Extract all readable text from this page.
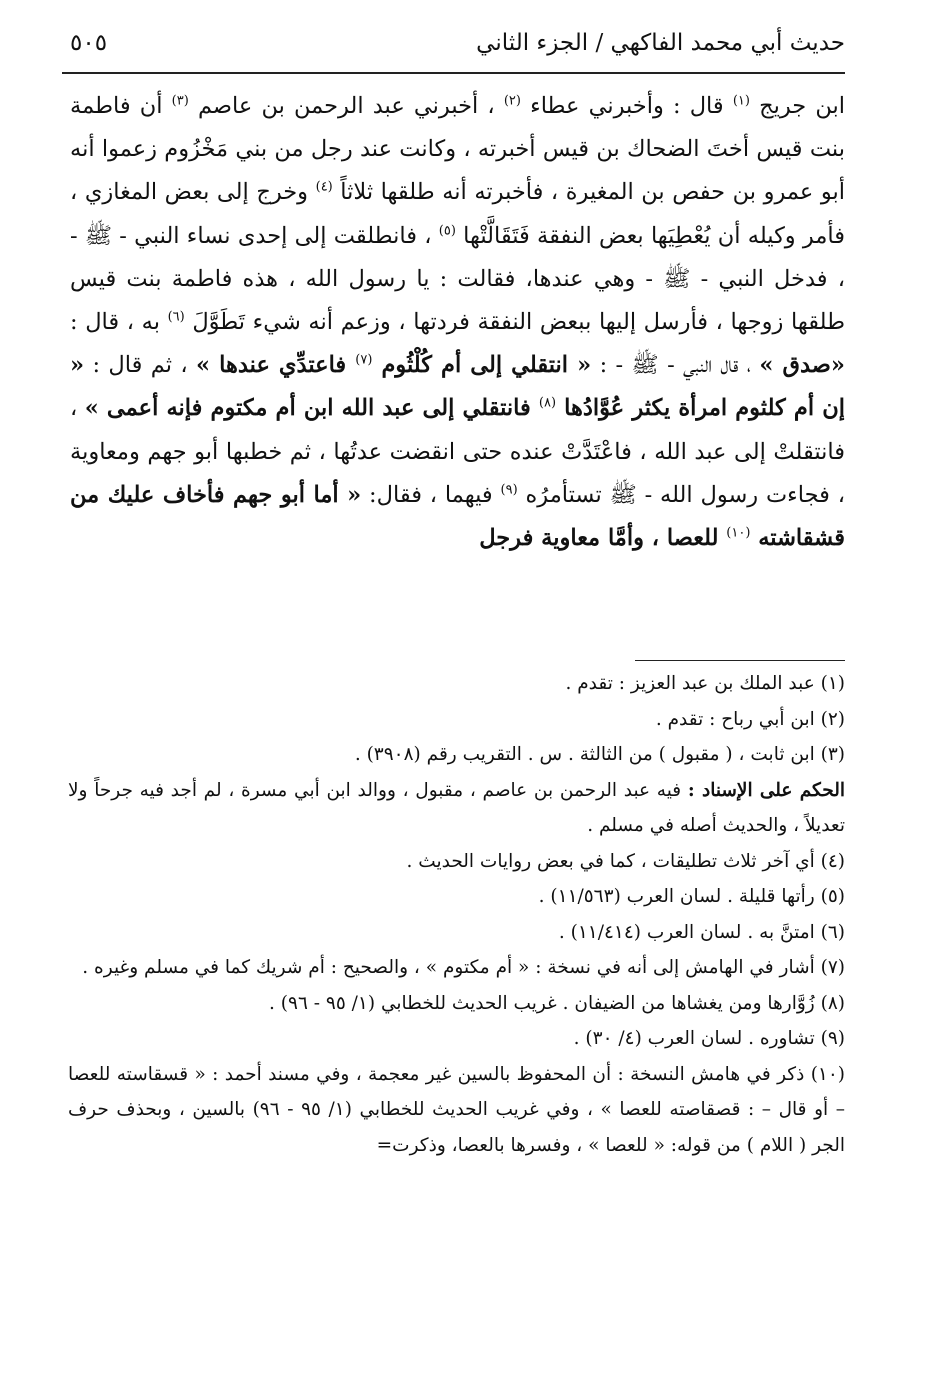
حديث أبي محمد الفاكهي / الجزء الثاني
٥٠٥

ابن جريج $^{(١)}$ قال : وأخبرني عطاء $^{(٢)}$ ، أخبرني عبد الرحمن بن عاصم $^{(٣)}$ أن فاطمة بنت قيس أختَ الضحاك بن قيس أخبرته ، وكانت عند رجل من بني مَخْزُوم زعموا أنه أبو عمرو بن حفص بن المغيرة ، فأخبرته أنه طلقها ثلاثاً $^{(٤)}$ وخرج إلى بعض المغازي ، فأمر وكيله أن يُعْطِيَها بعض النفقة فَتَقَالَّتْها $^{(٥)}$ ، فانطلقت إلى إحدى نساء النبي - ﷺ - ، فدخل النبي - ﷺ - وهي عندها، فقالت : يا رسول الله ، هذه فاطمة بنت قيس طلقها زوجها ، فأرسل إليها ببعض النفقة فردتها ، وزعم أنه شيء تَطَوَّلَ $^{(٦)}$ به ، قال : «صدق » ، قال النبي - ﷺ - : « انتقلي إلى أم كُلْثُوم $^{(٧)}$ فاعتدِّي عندها » ، ثم قال : « إن أم كلثوم امرأة يكثر عُوَّادُها $^{(٨)}$ فانتقلي إلى عبد الله ابن أم مكتوم فإنه أعمى » ، فانتقلتْ إلى عبد الله ، فاعْتَدَّتْ عنده حتى انقضت عدتُها ، ثم خطبها أبو جهم ومعاوية ، فجاءت رسول الله - ﷺ تستأمرُه $^{(٩)}$ فيهما ، فقال: « أما أبو جهم فأخاف عليك من قشقاشته $^{(١٠)}$ للعصا ، وأمَّا معاوية فرجل

(١) عبد الملك بن عبد العزيز : تقدم .

(٢) ابن أبي رباح : تقدم .

(٣) ابن ثابت ، ( مقبول ) من الثالثة . س . التقريب رقم (٣٩٠٨) .

الحكم على الإسناد : فيه عبد الرحمن بن عاصم ، مقبول ، ووالد ابن أبي مسرة ، لم أجد فيه جرحاً ولا تعديلاً ، والحديث أصله في مسلم .

(٤) أي آخر ثلاث تطليقات ، كما في بعض روايات الحديث .

(٥) رأتها قليلة . لسان العرب (١١/٥٦٣) .

(٦) امتنَّ به . لسان العرب (١١/٤١٤) .

(٧) أشار في الهامش إلى أنه في نسخة : « أم مكتوم » ، والصحيح : أم شريك كما في مسلم وغيره .

(٨) زُوَّارها ومن يغشاها من الضيفان . غريب الحديث للخطابي (١/ ٩٥ - ٩٦) .

(٩) تشاوره . لسان العرب (٤/ ٣٠) .

(١٠) ذكر في هامش النسخة : أن المحفوظ بالسين غير معجمة ، وفي مسند أحمد : « قسقاسته للعصا – أو قال – : قصقاصته للعصا » ، وفي غريب الحديث للخطابي (١/ ٩٥ - ٩٦) بالسين ، وبحذف حرف الجر ( اللام ) من قوله: « للعصا » ، وفسرها بالعصا، وذكرت=
